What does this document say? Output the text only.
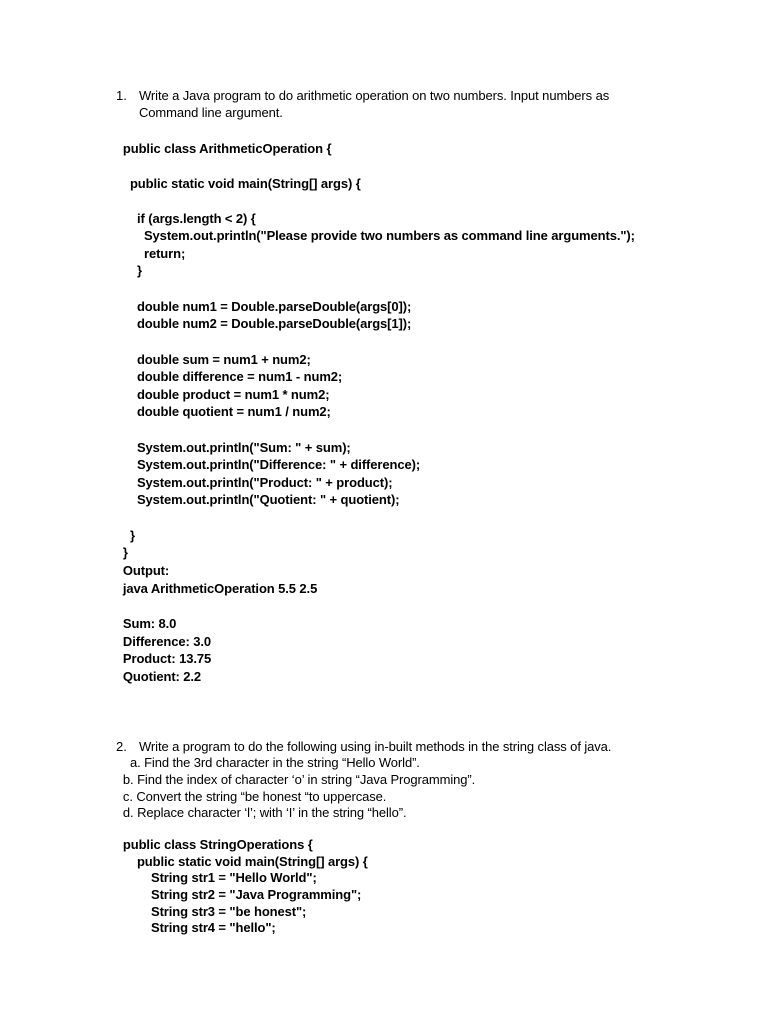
1. Write a Java program to do arithmetic operation on two numbers. Input numbers as
Command line argument.
public class ArithmeticOperation {
public static void main(String[] args) {
if (args.length < 2) {
System.out.println("Please provide two numbers as command line arguments.");
return;
}
double num1 = Double.parseDouble(args[0]);
double num2 = Double.parseDouble(args[1]);
double sum = num1 + num2;
double difference = num1 - num2;
double product = num1 * num2;
double quotient = num1 / num2;
System.out.println("Sum: " + sum);
System.out.println("Difference: " + difference);
System.out.println("Product: " + product);
System.out.println("Quotient: " + quotient);
}
}
Output:
java ArithmeticOperation 5.5 2.5
Sum: 8.0
Difference: 3.0
Product: 13.75
Quotient: 2.2
2. Write a program to do the following using in-built methods in the string class of java.
a. Find the 3rd character in the string “Hello World”.
b. Find the index of character ‘o’ in string “Java Programming”.
c. Convert the string “be honest “to uppercase.
d. Replace character ‘l’; with ‘I’ in the string “hello”.
public class StringOperations {
public static void main(String[] args) {
String str1 = "Hello World";
String str2 = "Java Programming";
String str3 = "be honest";
String str4 = "hello";
